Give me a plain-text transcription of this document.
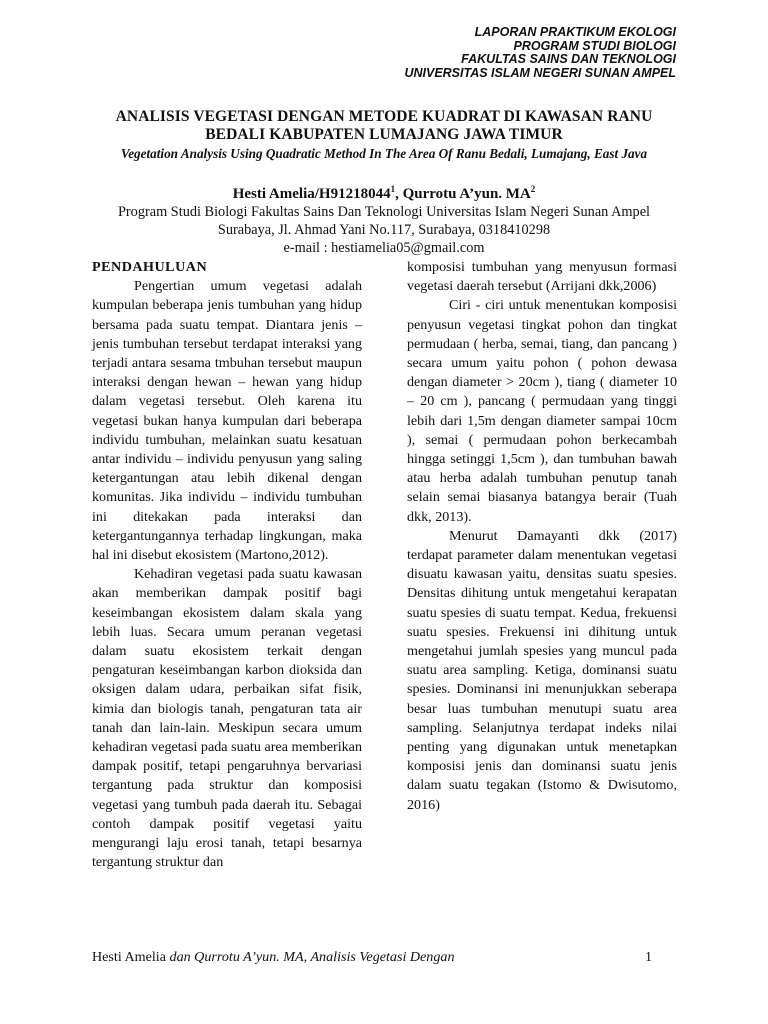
LAPORAN PRAKTIKUM EKOLOGI
PROGRAM STUDI BIOLOGI
FAKULTAS SAINS DAN TEKNOLOGI
UNIVERSITAS ISLAM NEGERI SUNAN AMPEL

ANALISIS VEGETASI DENGAN METODE KUADRAT DI KAWASAN RANU
BEDALI KABUPATEN LUMAJANG JAWA TIMUR

Vegetation Analysis Using Quadratic Method In The Area Of Ranu Bedali, Lumajang, East Java

Hesti Amelia/H91218044$^1$, Qurrotu A’yun. $MA^2$
Program Studi Biologi Fakultas Sains Dan Teknologi Universitas Islam Negeri Sunan Ampel
Surabaya, Jl. Ahmad Yani No.117, Surabaya, 0318410298
e-mail : hestiamelia05@gmail.com

PENDAHULUAN

Pengertian umum vegetasi adalah kumpulan beberapa jenis tumbuhan yang hidup bersama pada suatu tempat. Diantara jenis – jenis tumbuhan tersebut terdapat interaksi yang terjadi antara sesama tmbuhan tersebut maupun interaksi dengan hewan – hewan yang hidup dalam vegetasi tersebut. Oleh karena itu vegetasi bukan hanya kumpulan dari beberapa individu tumbuhan, melainkan suatu kesatuan antar individu – individu penyusun yang saling ketergantungan atau lebih dikenal dengan komunitas. Jika individu – individu tumbuhan ini ditekakan pada interaksi dan ketergantungannya terhadap lingkungan, maka hal ini disebut ekosistem (Martono,2012).

Kehadiran vegetasi pada suatu kawasan akan memberikan dampak positif bagi keseimbangan ekosistem dalam skala yang lebih luas. Secara umum peranan vegetasi dalam suatu ekosistem terkait dengan pengaturan keseimbangan karbon dioksida dan oksigen dalam udara, perbaikan sifat fisik, kimia dan biologis tanah, pengaturan tata air tanah dan lain-lain. Meskipun secara umum kehadiran vegetasi pada suatu area memberikan dampak positif, tetapi pengaruhnya bervariasi tergantung pada struktur dan komposisi vegetasi yang tumbuh pada daerah itu. Sebagai contoh dampak positif vegetasi yaitu mengurangi laju erosi tanah, tetapi besarnya tergantung struktur dan

komposisi tumbuhan yang menyusun formasi vegetasi daerah tersebut (Arrijani dkk,2006)

Ciri - ciri untuk menentukan komposisi penyusun vegetasi tingkat pohon dan tingkat permudaan ( herba, semai, tiang, dan pancang ) secara umum yaitu pohon ( pohon dewasa dengan diameter > 20cm ), tiang ( diameter 10 – 20 cm ), pancang ( permudaan yang tinggi lebih dari 1,5m dengan diameter sampai 10cm ), semai ( permudaan pohon berkecambah hingga setinggi 1,5cm ), dan tumbuhan bawah atau herba adalah tumbuhan penutup tanah selain semai biasanya batangya berair (Tuah dkk, 2013).

Menurut Damayanti dkk (2017) terdapat parameter dalam menentukan vegetasi disuatu kawasan yaitu, densitas suatu spesies. Densitas dihitung untuk mengetahui kerapatan suatu spesies di suatu tempat. Kedua, frekuensi suatu spesies. Frekuensi ini dihitung untuk mengetahui jumlah spesies yang muncul pada suatu area sampling. Ketiga, dominansi suatu spesies. Dominansi ini menunjukkan seberapa besar luas tumbuhan menutupi suatu area sampling. Selanjutnya terdapat indeks nilai penting yang digunakan untuk menetapkan komposisi jenis dan dominansi suatu jenis dalam suatu tegakan (Istomo & Dwisutomo, 2016)

Hesti Amelia dan Qurrotu A’yun. MA, Analisis Vegetasi Dengan	1
